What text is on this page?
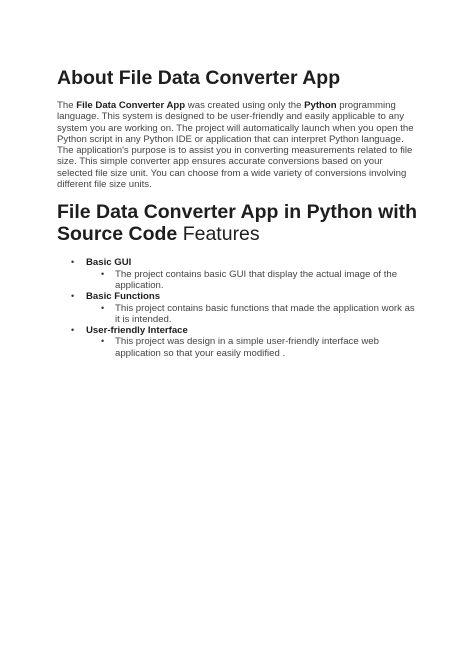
About File Data Converter App

The File Data Converter App was created using only the Python programming language. This system is designed to be user-friendly and easily applicable to any system you are working on. The project will automatically launch when you open the Python script in any Python IDE or application that can interpret Python language. The application's purpose is to assist you in converting measurements related to file size. This simple converter app ensures accurate conversions based on your selected file size unit. You can choose from a wide variety of conversions involving different file size units.

File Data Converter App in Python with Source Code Features
• Basic GUI
• The project contains basic GUI that display the actual image of the application.
• Basic Functions
• This project contains basic functions that made the application work as it is intended.
• User-friendly Interface
• This project was design in a simple user-friendly interface web application so that your easily modified .
